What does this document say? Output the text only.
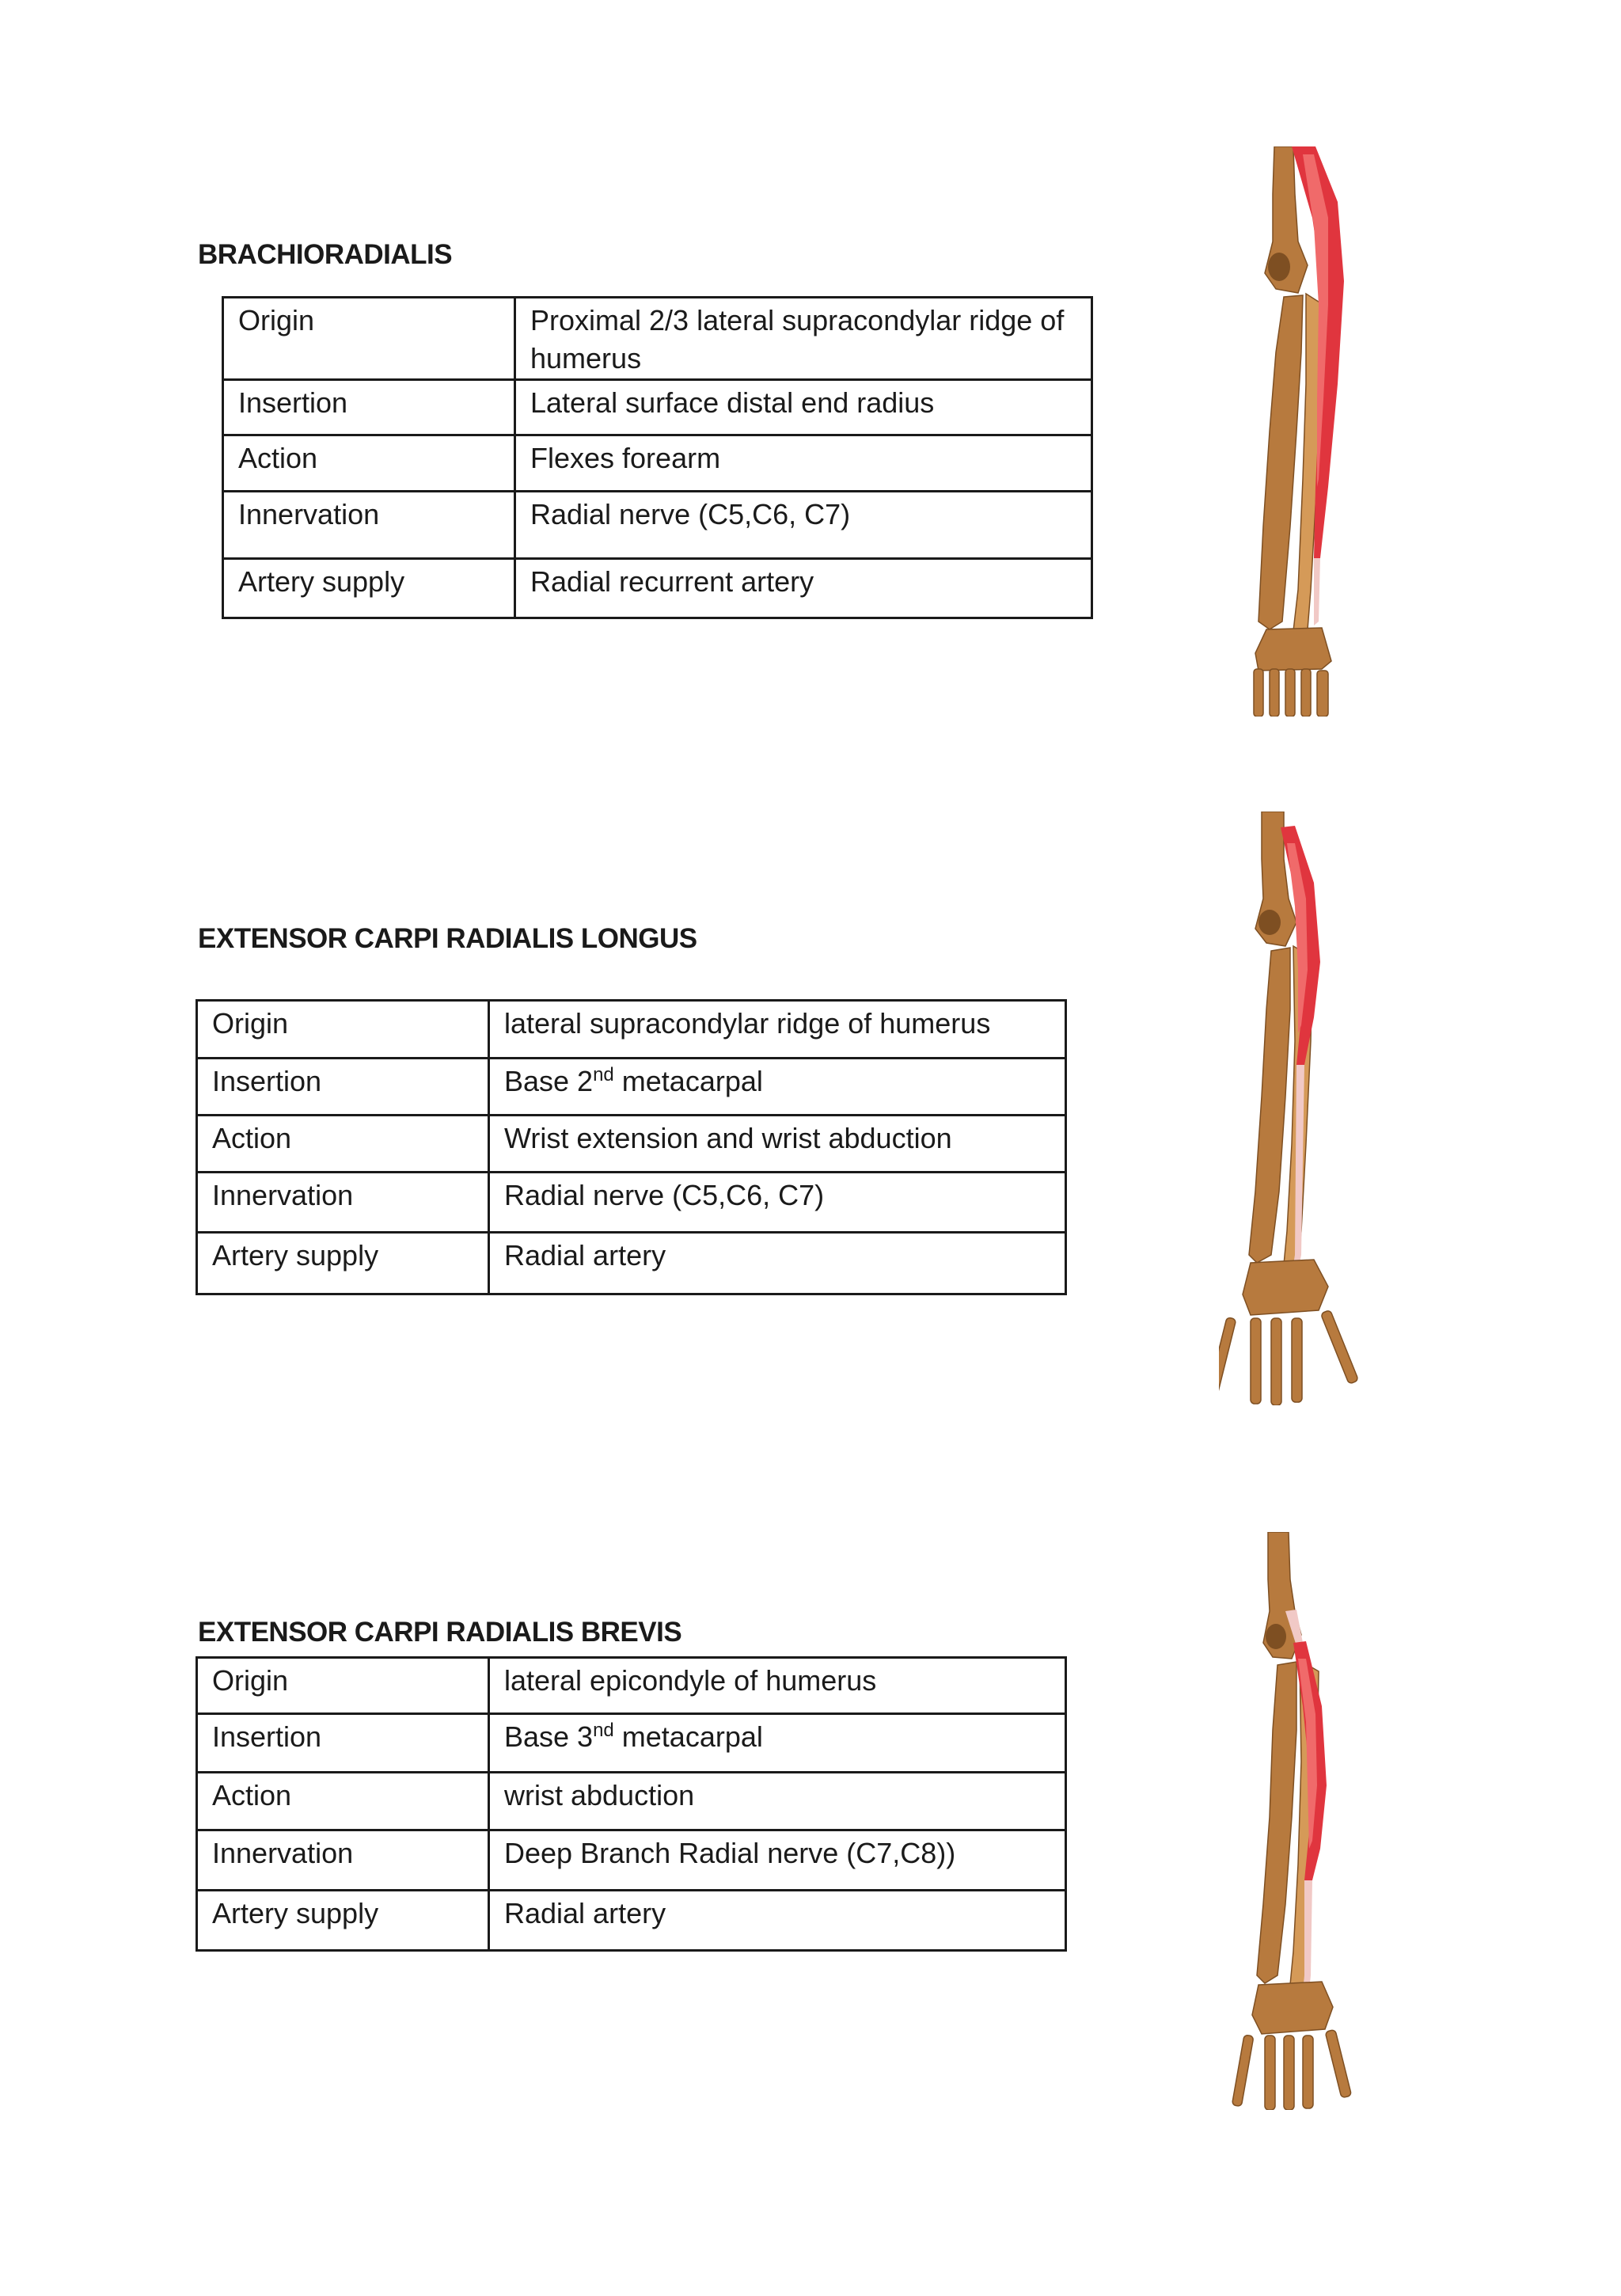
BRACHIORADIALIS
Origin	Proximal 2/3 lateral supracondylar ridge of humerus
Insertion	Lateral surface distal end radius
Action	Flexes forearm
Innervation	Radial nerve (C5,C6, C7)
Artery supply	Radial recurrent artery
EXTENSOR CARPI RADIALIS LONGUS
Origin	lateral supracondylar ridge of humerus
Insertion	Base 2nd metacarpal
Action	Wrist extension and wrist abduction
Innervation	Radial nerve (C5,C6, C7)
Artery supply	Radial artery
EXTENSOR CARPI RADIALIS BREVIS
Origin	lateral epicondyle of humerus
Insertion	Base 3nd metacarpal
Action	wrist abduction
Innervation	Deep Branch Radial nerve (C7,C8))
Artery supply	Radial artery
